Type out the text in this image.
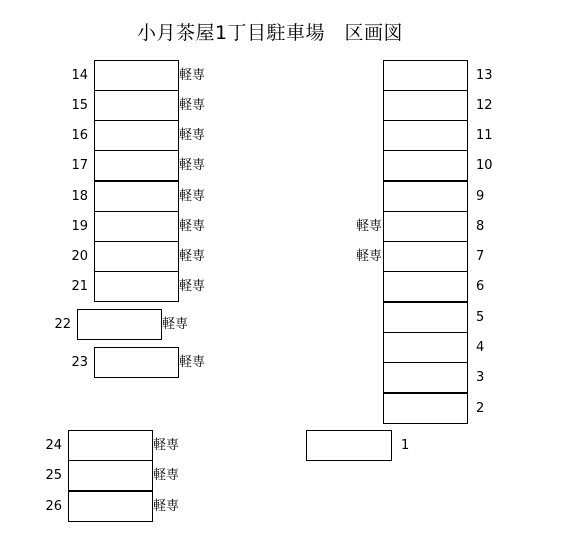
小月茶屋1丁目駐車場　区画図
14	軽専
15	軽専
16	軽専
17	軽専
18	軽専
19	軽専
20	軽専
21	軽専
22	軽専
23	軽専
24	軽専
25	軽専
26	軽専
13
12
11
10
9
8
軽専
7
軽専
6
5
4
3
2
1
